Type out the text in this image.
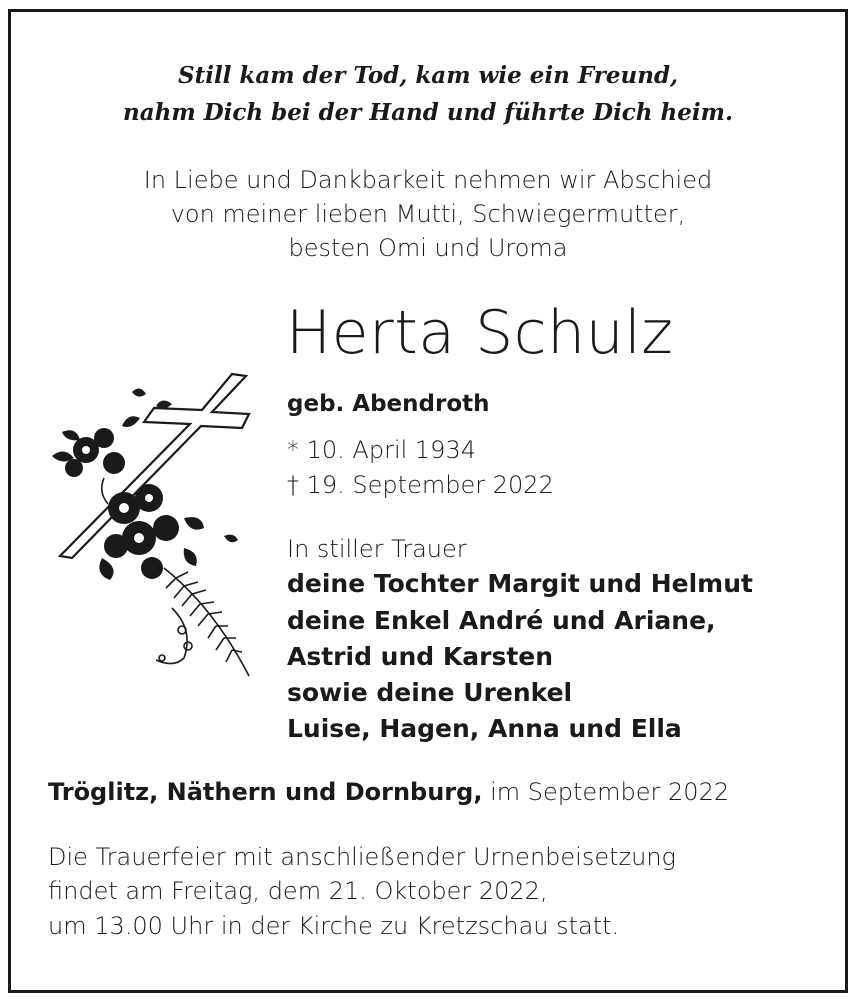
Still kam der Tod, kam wie ein Freund,
nahm Dich bei der Hand und führte Dich heim.
In Liebe und Dankbarkeit nehmen wir Abschied
von meiner lieben Mutti, Schwiegermutter,
besten Omi und Uroma
Herta Schulz
geb. Abendroth
* 10. April 1934
† 19. September 2022
In stiller Trauer
deine Tochter Margit und Helmut
deine Enkel André und Ariane,
Astrid und Karsten
sowie deine Urenkel
Luise, Hagen, Anna und Ella
Tröglitz, Näthern und Dornburg, im September 2022
Die Trauerfeier mit anschließender Urnenbeisetzung
findet am Freitag, dem 21. Oktober 2022,
um 13.00 Uhr in der Kirche zu Kretzschau statt.
